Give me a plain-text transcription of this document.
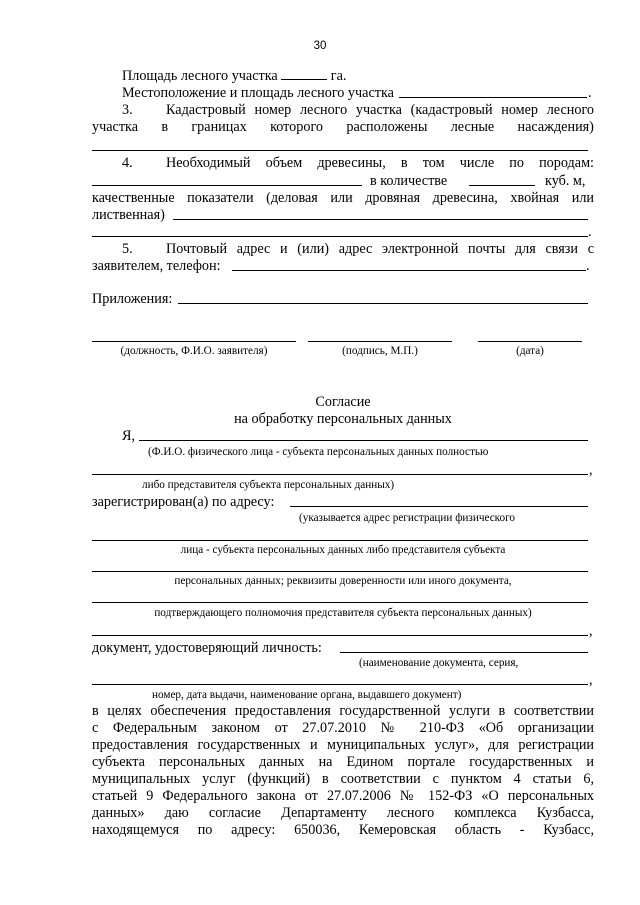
30
Площадь лесного участка	га.
Местоположение и площадь лесного участка	.
3. Кадастровый номер лесного участка (кадастровый номер лесного
участка в границах которого расположены лесные насаждения)
4. Необходимый объем древесины, в том числе по породам:
в количестве	куб. м,
качественные показатели (деловая или дровяная древесина, хвойная или
лиственная)
.
5. Почтовый адрес и (или) адрес электронной почты для связи с
заявителем, телефон:	.
Приложения:
(должность, Ф.И.О. заявителя)	(подпись, М.П.)	(дата)
Согласие
на обработку персональных данных
Я,
(Ф.И.О. физического лица - субъекта персональных данных полностью
,
либо представителя субъекта персональных данных)
зарегистрирован(а) по адресу:
(указывается адрес регистрации физического
лица - субъекта персональных данных либо представителя субъекта
персональных данных; реквизиты доверенности или иного документа,
подтверждающего полномочия представителя субъекта персональных данных)
,
документ, удостоверяющий личность:
(наименование документа, серия,
,
номер, дата выдачи, наименование органа, выдавшего документ)
в целях обеспечения предоставления государственной услуги в соответствии
с Федеральным законом от 27.07.2010 № 210-ФЗ «Об организации
предоставления государственных и муниципальных услуг», для регистрации
субъекта персональных данных на Едином портале государственных и
муниципальных услуг (функций) в соответствии с пунктом 4 статьи 6,
статьей 9 Федерального закона от 27.07.2006 № 152-ФЗ «О персональных
данных» даю согласие Департаменту лесного комплекса Кузбасса,
находящемуся по адресу: 650036, Кемеровская область - Кузбасс,
